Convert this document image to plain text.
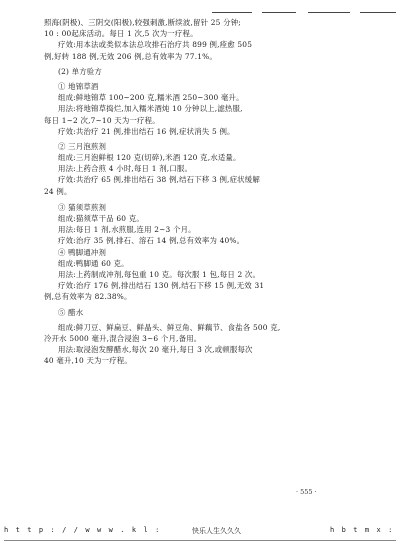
照海(阴极)、三阴交(阳极),较强刺激,断续波,留针 25 分钟;
10 : 00起床活动。每日 1 次,5 次为一疗程。
疗效:用本法或类似本法总攻排石治疗共 899 例,痊愈 505
例,好转 188 例,无效 206 例,总有效率为 77.1%。
(2) 单方验方
① 地锦草酒
组成:鲜地锦草 100~200 克,糯米酒 250~300 毫升。
用法:将地锦草捣烂,加入糯米酒炖 10 分钟以上,滤热服,
每日 1~2 次,7~10 天为一疗程。
疗效:共治疗 21 例,排出结石 16 例,症状消失 5 例。
② 三月泡煎剂
组成:三月泡鲜根 120 克(切碎),米酒 120 克,水适量。
用法:上药合煎 4 小时,每日 1 剂,口服。
疗效:共治疗 65 例,排出结石 38 例,结石下移 3 例,症状缓解
24 例。
③ 猫须草煎剂
组成:猫须草干品 60 克。
用法:每日 1 剂,水煎服,连用 2~3 个月。
疗效:治疗 35 例,排石、溶石 14 例,总有效率为 40%。
④ 鸭脚通冲剂
组成:鸭脚通 60 克。
用法:上药制成冲剂,每包重 10 克。每次服 1 包,每日 2 次。
疗效:治疗 176 例,排出结石 130 例,结石下移 15 例,无效 31
例,总有效率为 82.38%。
⑤ 醋水
组成:鲜刀豆、鲜扁豆、鲜晶头、鲜豆角、鲜藕节、食盐各 500 克,
冷开水 5000 毫升,混合浸泡 3~6 个月,备用。
用法:取浸泡发酵醋水,每次 20 毫升,每日 3 次,或顿服每次
40 毫升,10 天为一疗程。
· 555 ·
h t t p : / / w w w . k l :	快乐人生久久久	h b t m x :
